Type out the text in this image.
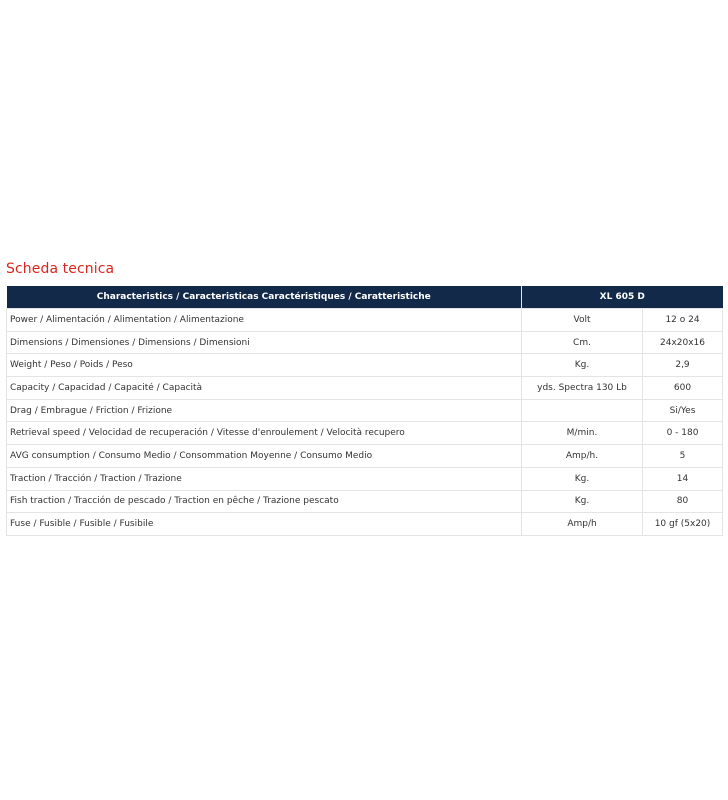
Scheda tecnica
Characteristics / Caracteristicas Caractéristiques / Caratteristiche	XL 605 D	
Power / Alimentación / Alimentation / Alimentazione	Volt	12 o 24
Dimensions / Dimensiones / Dimensions / Dimensioni	Cm.	24x20x16
Weight / Peso / Poids / Peso	Kg.	2,9
Capacity / Capacidad / Capacité / Capacità	yds. Spectra 130 Lb	600
Drag / Embrague / Friction / Frizione		Si/Yes
Retrieval speed / Velocidad de recuperación / Vitesse d'enroulement / Velocità recupero	M/min.	0 - 180
AVG consumption / Consumo Medio / Consommation Moyenne / Consumo Medio	Amp/h.	5
Traction / Tracción / Traction / Trazione	Kg.	14
Fish traction / Tracción de pescado / Traction en pêche / Trazione pescato	Kg.	80
Fuse / Fusible / Fusible / Fusibile	Amp/h	10 gf (5x20)
